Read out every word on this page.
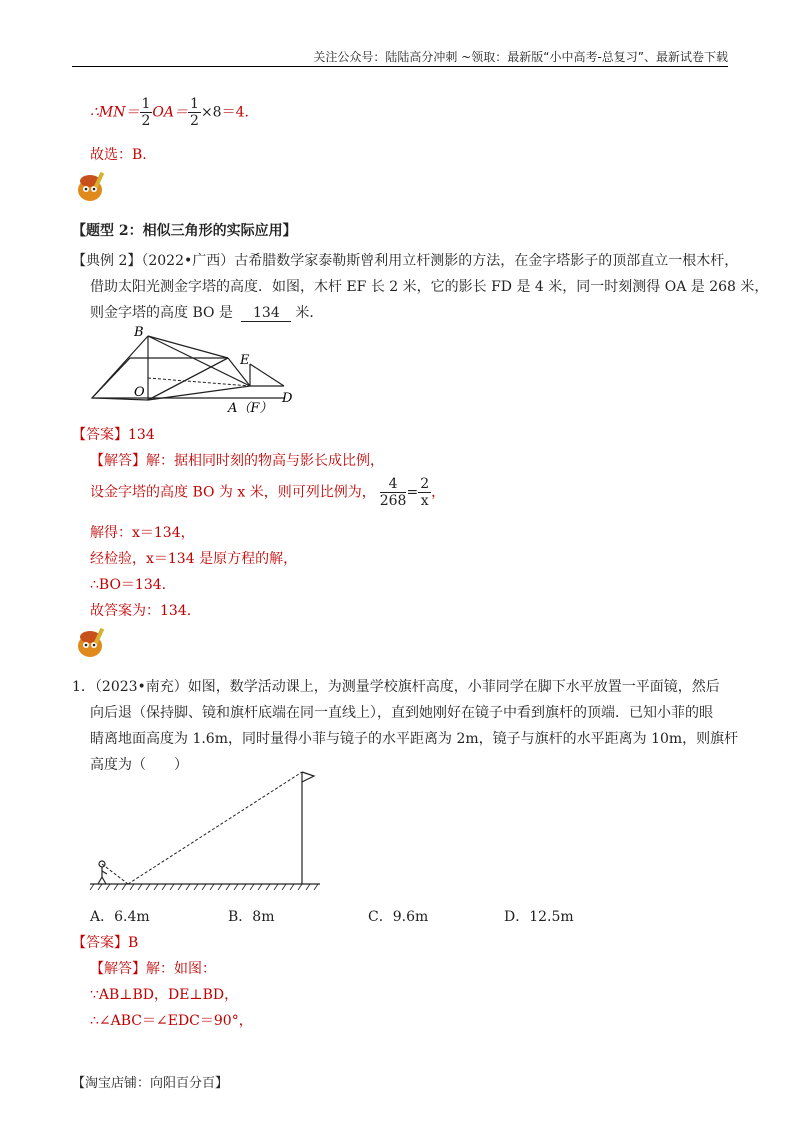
关注公众号：陆陆高分冲刺 ~领取：最新版“小中高考-总复习”、最新试卷下载
∴MN＝ $\frac{1}{2} OA= \frac{1}{2} \times 8=4$.
故选：B.
【题型 2：相似三角形的实际应用】
【典例 2】（2022•广西）古希腊数学家泰勒斯曾利用立杆测影的方法，在金字塔影子的顶部直立一根木杆，
借助太阳光测金字塔的高度．如图，木杆 EF 长 2 米，它的影长 FD 是 4 米，同一时刻测得 OA 是 268 米，
则金字塔的高度 BO 是 134 米．
B
O
E
A（F）
D
【答案】134
【解答】解：据相同时刻的物高与影长成比例，
设金字塔的高度 BO 为 x 米，则可列比例为， $\frac{4}{268} = \frac{2}{x}$ ，
解得：x＝134，
经检验，x＝134 是原方程的解，
∴BO＝134.
故答案为：134.
1．（2023•南充）如图，数学活动课上，为测量学校旗杆高度，小菲同学在脚下水平放置一平面镜，然后
向后退（保持脚、镜和旗杆底端在同一直线上），直到她刚好在镜子中看到旗杆的顶端．已知小菲的眼
睛离地面高度为 1.6m，同时量得小菲与镜子的水平距离为 2m，镜子与旗杆的水平距离为 10m，则旗杆
高度为（　　）
A．6.4m	B．8m	C．9.6m	D．12.5m
【答案】B
【解答】解：如图：
∵AB⊥BD，DE⊥BD，
∴∠ABC＝∠EDC＝90°，
【淘宝店铺：向阳百分百】
